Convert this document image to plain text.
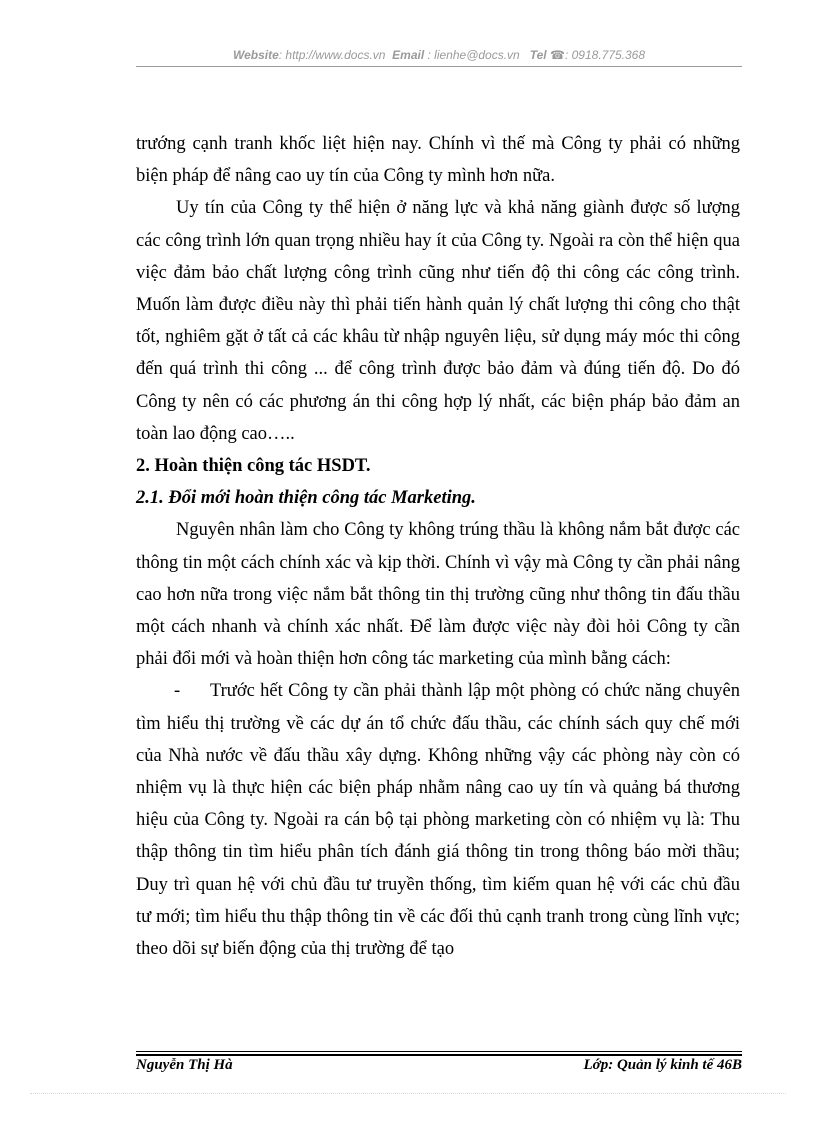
Website: http://www.docs.vn Email : lienhe@docs.vn Tel ☎: 0918.775.368

trướng cạnh tranh khốc liệt hiện nay. Chính vì thế mà Công ty phải có những biện pháp để nâng cao uy tín của Công ty mình hơn nữa.

Uy tín của Công ty thể hiện ở năng lực và khả năng giành được số lượng các công trình lớn quan trọng nhiều hay ít của Công ty. Ngoài ra còn thể hiện qua việc đảm bảo chất lượng công trình cũng như tiến độ thi công các công trình. Muốn làm được điều này thì phải tiến hành quản lý chất lượng thi công cho thật tốt, nghiêm gặt ở tất cả các khâu từ nhập nguyên liệu, sử dụng máy móc thi công đến quá trình thi công ... để công trình được bảo đảm và đúng tiến độ. Do đó Công ty nên có các phương án thi công hợp lý nhất, các biện pháp bảo đảm an toàn lao động cao…..

2. Hoàn thiện công tác HSDT.

2.1. Đổi mới hoàn thiện công tác Marketing.

Nguyên nhân làm cho Công ty không trúng thầu là không nắm bắt được các thông tin một cách chính xác và kịp thời. Chính vì vậy mà Công ty cần phải nâng cao hơn nữa trong việc nắm bắt thông tin thị trường cũng như thông tin đấu thầu một cách nhanh và chính xác nhất. Để làm được việc này đòi hỏi Công ty cần phải đổi mới và hoàn thiện hơn công tác marketing của mình bằng cách:

- Trước hết Công ty cần phải thành lập một phòng có chức năng chuyên tìm hiểu thị trường về các dự án tổ chức đấu thầu, các chính sách quy chế mới của Nhà nước về đấu thầu xây dựng. Không những vậy các phòng này còn có nhiệm vụ là thực hiện các biện pháp nhằm nâng cao uy tín và quảng bá thương hiệu của Công ty. Ngoài ra cán bộ tại phòng marketing còn có nhiệm vụ là: Thu thập thông tin tìm hiểu phân tích đánh giá thông tin trong thông báo mời thầu; Duy trì quan hệ với chủ đầu tư truyền thống, tìm kiếm quan hệ với các chủ đầu tư mới; tìm hiểu thu thập thông tin về các đối thủ cạnh tranh trong cùng lĩnh vực; theo dõi sự biến động của thị trường để tạo

Nguyễn Thị Hà	Lớp: Quản lý kinh tế 46B
